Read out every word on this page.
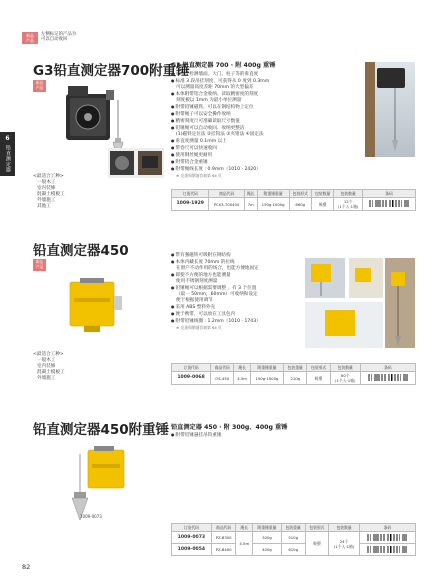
新品
产品
左侧标记的产品为
可以自动收回
6
铅直测定器
G3铅直测定器700附重锤
新品
产品
G3 铅直测定器 700 · 附 400g 重锤
● 可用于检测墙面、大门、柱子等的垂直度
● 标准 3 段吊挂刻度，可获得从 0 度到 0.3mm
可以测量高度差距 70mm 的大型偏差
● 本体附带铝合金收纳、读取精密度的刻度
刻度板以 1mm 为最小单位测量
● 附带铅锤磁铁，可以在钢结构物上定位
● 附带绳子可以安全操作收纳
● 精密刻度尺可准确读取尺寸数值
● 铅锤绳可以自动收回、收纳更整洁
(1)磁铁定位法 ②挂钩法 ③夹钳法 ④固定法
● 垂直度测量 0.1mm 以上
● 带卷尺可以快速收回
● 使用钢丝绳更耐用
● 附带铝合金重锤
● 附带绳线长度 : 0.9mm（1010 · 2420）
※ 交货周期请咨询第 64 页
<最适合工种>
一般木工
室内装修
混凝土模板工
外墙施工
其他工
订货代码	商品代码	绳长	附重锤重量	包装形式	包装数量	包装数量	条码
1009-1929	PC03-700400	7m	150g·1000g	660g	吸塑	12个
(1个入·1箱)	
铅直测定器450
新品
产品
● 带有强磁铁可吸附在钢结构
● 本体内藏长度 70mm 的拉线
在窗户不动作用的场合，也能方便地固定
● 即使不方便的地方也能测量
使用不锈钢刻度测量
● 铅锤绳可以根据需要调整 ，有 3 个位置
（最一 50mm，60mm）可收纳和设定
便于根据使用调节
● 采用 ABS 塑料外壳
● 便于携带，可以放在工具包内
● 附带铅锤线圈 : 1.2mm（1010 · 1743）
※ 交货周期请咨询第 64 页
<最适合工种>
一般木工
室内装修
混凝土模板工
外墙施工
订货代码	商品代码	绳长	附重锤重量	包装重量	包装形式	包装数量	条码
1009-0068	OS-450	4.5m	150g·1000g	210g	吸塑	60个
(1个入·1箱)	
铅直测定器450附重锤
1009-0073
铅直测定器 450 · 附 300g、400g 重锤
● 附带铅锤悬挂吊钩重锤
订货代码	商品代码	绳长	附重锤重量	包装重量	包装形式	包装数量	条码
1009-0073	PZ-B300	4.5m	300g	510g	吸塑	24个
(1个入·1箱)	
1009-0054	PZ-B400		400g	610g			
82
